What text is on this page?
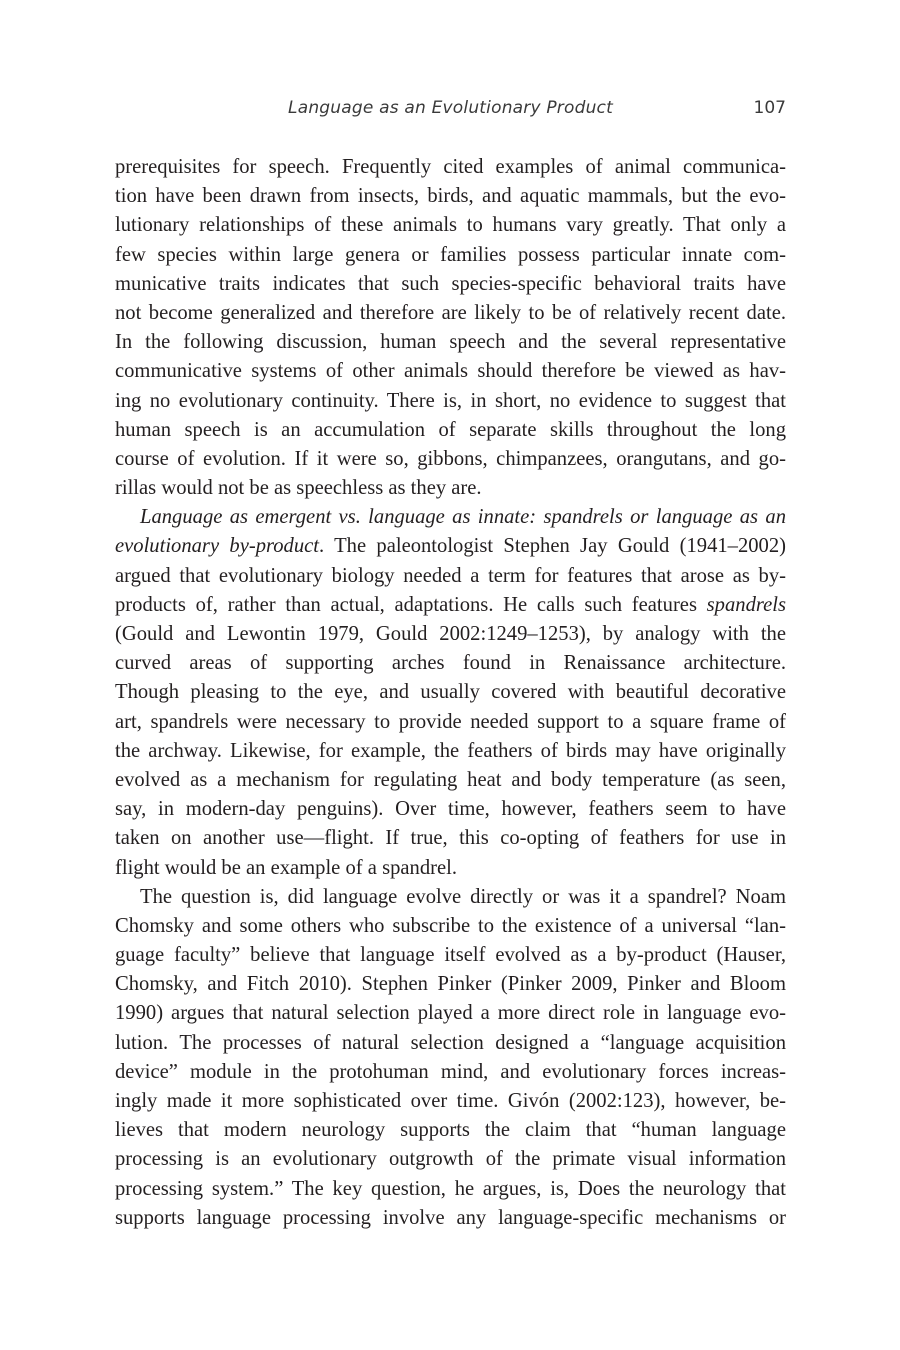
Language as an Evolutionary Product	107
prerequisites for speech. Frequently cited examples of animal communica-
tion have been drawn from insects, birds, and aquatic mammals, but the evo-
lutionary relationships of these animals to humans vary greatly. That only a
few species within large genera or families possess particular innate com-
municative traits indicates that such species-specific behavioral traits have
not become generalized and therefore are likely to be of relatively recent date.
In the following discussion, human speech and the several representative
communicative systems of other animals should therefore be viewed as hav-
ing no evolutionary continuity. There is, in short, no evidence to suggest that
human speech is an accumulation of separate skills throughout the long
course of evolution. If it were so, gibbons, chimpanzees, orangutans, and go-
rillas would not be as speechless as they are.
Language as emergent vs. language as innate: spandrels or language as an
evolutionary by-product. The paleontologist Stephen Jay Gould (1941–2002)
argued that evolutionary biology needed a term for features that arose as by-
products of, rather than actual, adaptations. He calls such features spandrels
(Gould and Lewontin 1979, Gould 2002:1249–1253), by analogy with the
curved areas of supporting arches found in Renaissance architecture.
Though pleasing to the eye, and usually covered with beautiful decorative
art, spandrels were necessary to provide needed support to a square frame of
the archway. Likewise, for example, the feathers of birds may have originally
evolved as a mechanism for regulating heat and body temperature (as seen,
say, in modern-day penguins). Over time, however, feathers seem to have
taken on another use—flight. If true, this co-opting of feathers for use in
flight would be an example of a spandrel.
The question is, did language evolve directly or was it a spandrel? Noam
Chomsky and some others who subscribe to the existence of a universal “lan-
guage faculty” believe that language itself evolved as a by-product (Hauser,
Chomsky, and Fitch 2010). Stephen Pinker (Pinker 2009, Pinker and Bloom
1990) argues that natural selection played a more direct role in language evo-
lution. The processes of natural selection designed a “language acquisition
device” module in the protohuman mind, and evolutionary forces increas-
ingly made it more sophisticated over time. Givón (2002:123), however, be-
lieves that modern neurology supports the claim that “human language
processing is an evolutionary outgrowth of the primate visual information
processing system.” The key question, he argues, is, Does the neurology that
supports language processing involve any language-specific mechanisms or
